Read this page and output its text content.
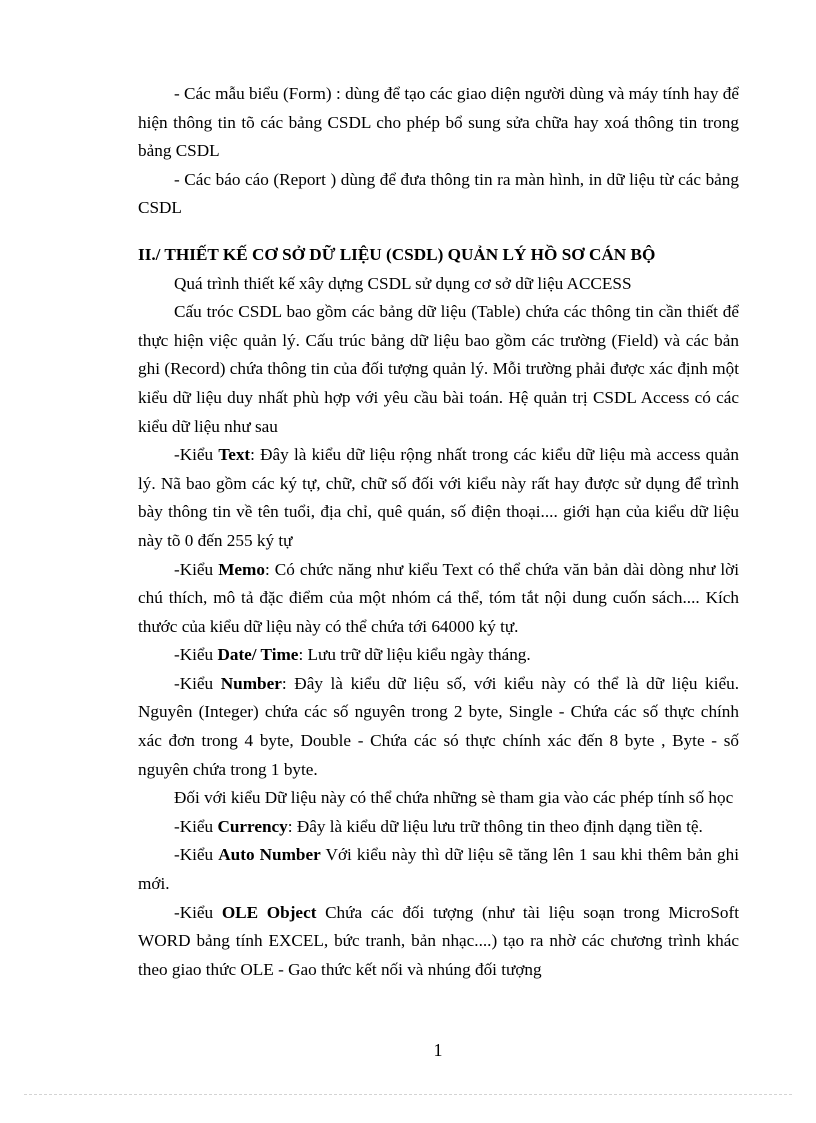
- Các mẫu biểu (Form) : dùng để tạo các giao diện người dùng và máy tính hay để hiện thông tin tõ các bảng CSDL cho phép bổ sung sửa chữa hay xoá thông tin trong bảng CSDL

- Các báo cáo (Report ) dùng để đưa thông tin ra màn hình, in dữ liệu từ các bảng CSDL

II./ THIẾT KẾ CƠ SỞ DỮ LIỆU (CSDL) QUẢN LÝ HỒ SƠ CÁN BỘ

Quá trình thiết kế xây dựng CSDL sử dụng cơ sở dữ liệu ACCESS

Cấu tróc CSDL bao gồm các bảng dữ liệu (Table) chứa các thông tin cần thiết để thực hiện việc quản lý. Cấu trúc bảng dữ liệu bao gồm các trường (Field) và các bản ghi (Record) chứa thông tin của đối tượng quản lý. Mỗi trường phải được xác định một kiểu dữ liệu duy nhất phù hợp với yêu cầu bài toán. Hệ quản trị CSDL Access có các kiểu dữ liệu như sau

-Kiểu Text: Đây là kiểu dữ liệu rộng nhất trong các kiểu dữ liệu mà access quản lý. Nã bao gồm các ký tự, chữ, chữ số đối với kiểu này rất hay được sử dụng để trình bày thông tin về tên tuổi, địa chỉ, quê quán, số điện thoại.... giới hạn của kiểu dữ liệu này tõ 0 đến 255 ký tự

-Kiểu Memo: Có chức năng như kiểu Text có thể chứa văn bản dài dòng như lời chú thích, mô tả đặc điểm của một nhóm cá thể, tóm tắt nội dung cuốn sách.... Kích thước của kiểu dữ liệu này có thể chứa tới 64000 ký tự.

-Kiểu Date/ Time: Lưu trữ dữ liệu kiểu ngày tháng.

-Kiểu Number: Đây là kiểu dữ liệu số, với kiểu này có thể là dữ liệu kiểu. Nguyên (Integer) chứa các số nguyên trong 2 byte, Single - Chứa các số thực chính xác đơn trong 4 byte, Double - Chứa các só thực chính xác đến 8 byte , Byte - số nguyên chứa trong 1 byte.

Đối với kiểu Dữ liệu này có thể chứa những sè tham gia vào các phép tính số học

-Kiểu Currency: Đây là kiểu dữ liệu lưu trữ thông tin theo định dạng tiền tệ.

-Kiểu Auto Number Với kiểu này thì dữ liệu sẽ tăng lên 1 sau khi thêm bản ghi mới.

-Kiểu OLE Object Chứa các đối tượng (như tài liệu soạn trong MicroSoft WORD bảng tính EXCEL, bức tranh, bản nhạc....) tạo ra nhờ các chương trình khác theo giao thức OLE - Gao thức kết nối và nhúng đối tượng

1
